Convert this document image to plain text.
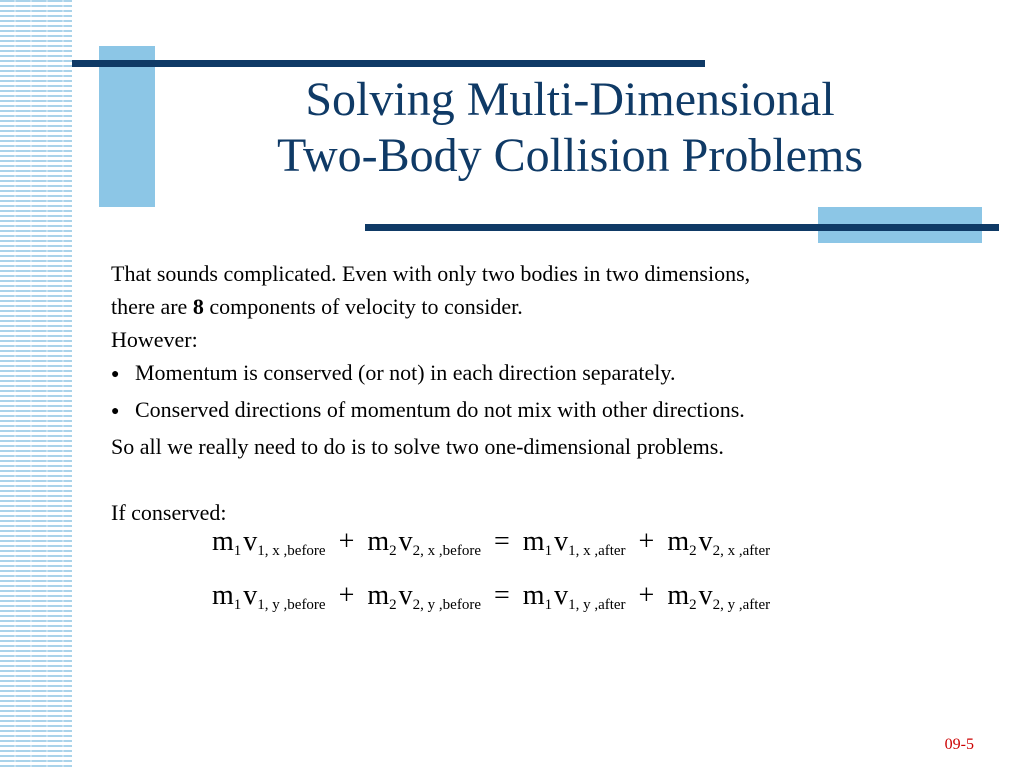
Solving Multi-Dimensional
Two-Body Collision Problems

That sounds complicated. Even with only two bodies in two dimensions,

there are 8 components of velocity to consider.

However:

● Momentum is conserved (or not) in each direction separately.

● Conserved directions of momentum do not mix with other directions.

So all we really need to do is to solve two one-dimensional problems.

If conserved:

$m_1v_{1, x ,before} + m_2v_{2, x ,before} = m_1v_{1, x ,after} + m_2v_{2, x ,after}$
$m_1v_{1, y ,before} + m_2v_{2, y ,before} = m_1v_{1, y ,after} + m_2v_{2, y ,after}$
09-5
